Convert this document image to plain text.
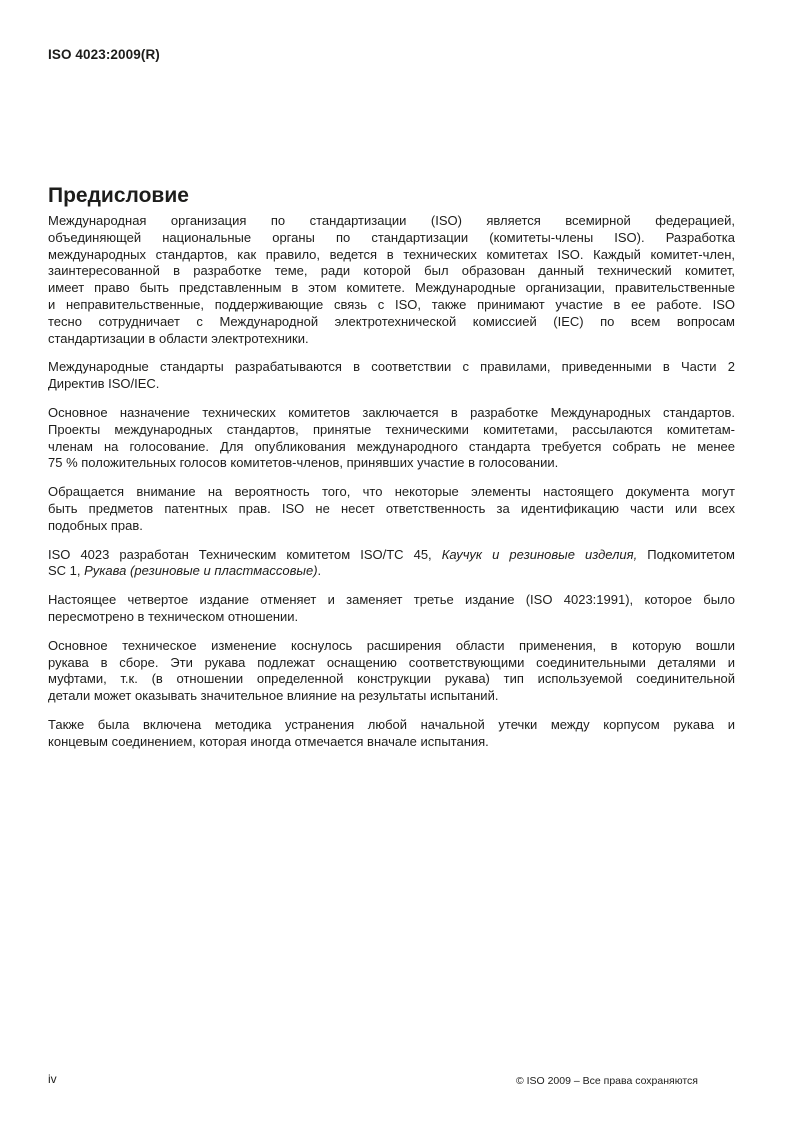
ISO 4023:2009(R)
Предисловие

Международная организация по стандартизации (ISO) является всемирной федерацией,
объединяющей национальные органы по стандартизации (комитеты-члены ISO). Разработка
международных стандартов, как правило, ведется в технических комитетах ISO. Каждый комитет-член,
заинтересованной в разработке теме, ради которой был образован данный технический комитет,
имеет право быть представленным в этом комитете. Международные организации, правительственные
и неправительственные, поддерживающие связь с ISO, также принимают участие в ее работе. ISO
тесно сотрудничает с Международной электротехнической комиссией (IEC) по всем вопросам
стандартизации в области электротехники.

Международные стандарты разрабатываются в соответствии с правилами, приведенными в Части 2
Директив ISO/IEC.

Основное назначение технических комитетов заключается в разработке Международных стандартов.
Проекты международных стандартов, принятые техническими комитетами, рассылаются комитетам-
членам на голосование. Для опубликования международного стандарта требуется собрать не менее
75 % положительных голосов комитетов-членов, принявших участие в голосовании.

Обращается внимание на вероятность того, что некоторые элементы настоящего документа могут
быть предметов патентных прав. ISO не несет ответственность за идентификацию части или всех
подобных прав.

ISO 4023 разработан Техническим комитетом ISO/TC 45, Каучук и резиновые изделия, Подкомитетом
SC 1, Рукава (резиновые и пластмассовые).

Настоящее четвертое издание отменяет и заменяет третье издание (ISO 4023:1991), которое было
пересмотрено в техническом отношении.

Основное техническое изменение коснулось расширения области применения, в которую вошли
рукава в сборе. Эти рукава подлежат оснащению соответствующими соединительными деталями и
муфтами, т.к. (в отношении определенной конструкции рукава) тип используемой соединительной
детали может оказывать значительное влияние на результаты испытаний.

Также была включена методика устранения любой начальной утечки между корпусом рукава и
концевым соединением, которая иногда отмечается вначале испытания.

iv	© ISO 2009 – Все права сохраняются
